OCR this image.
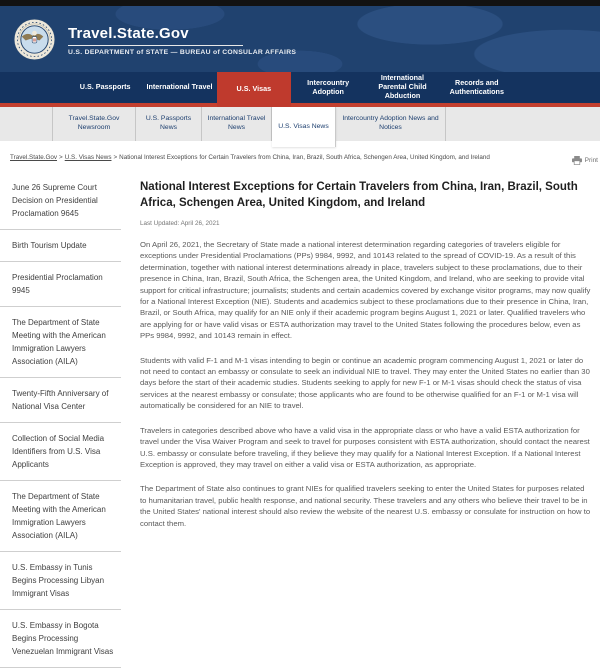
Travel.State.Gov
U.S. DEPARTMENT of STATE — BUREAU of CONSULAR AFFAIRS
U.S. Passports	International Travel	U.S. Visas
Intercountry Adoption
International Parental Child Abduction
Records and Authentications
Travel.State.Gov Newsroom
U.S. Passports News
International Travel News	U.S. Visas News
Intercountry Adoption News and Notices
Travel.State.Gov > U.S. Visas News > National Interest Exceptions for Certain Travelers from China, Iran, Brazil, South Africa, Schengen Area, United Kingdom, and Ireland	Print
June 26 Supreme Court Decision on Presidential Proclamation 9645
Birth Tourism Update
Presidential Proclamation 9945
The Department of State Meeting with the American Immigration Lawyers Association (AILA)
Twenty-Fifth Anniversary of National Visa Center
Collection of Social Media Identifiers from U.S. Visa Applicants
The Department of State Meeting with the American Immigration Lawyers Association (AILA)
U.S. Embassy in Tunis Begins Processing Libyan Immigrant Visas
U.S. Embassy in Bogota Begins Processing Venezuelan Immigrant Visas
National Interest Exceptions for Certain Travelers from China, Iran, Brazil, South Africa, Schengen Area, United Kingdom, and Ireland
Last Updated: April 26, 2021

On April 26, 2021, the Secretary of State made a national interest determination regarding categories of travelers eligible for exceptions under Presidential Proclamations (PPs) 9984, 9992, and 10143 related to the spread of COVID-19. As a result of this determination, together with national interest determinations already in place, travelers subject to these proclamations, due to their presence in China, Iran, Brazil, South Africa, the Schengen area, the United Kingdom, and Ireland, who are seeking to provide vital support for critical infrastructure; journalists; students and certain academics covered by exchange visitor programs, may now qualify for a National Interest Exception (NIE). Students and academics subject to these proclamations due to their presence in China, Iran, Brazil, or South Africa, may qualify for an NIE only if their academic program begins August 1, 2021 or later. Qualified travelers who are applying for or have valid visas or ESTA authorization may travel to the United States following the procedures below, even as PPs 9984, 9992, and 10143 remain in effect.

Students with valid F-1 and M-1 visas intending to begin or continue an academic program commencing August 1, 2021 or later do not need to contact an embassy or consulate to seek an individual NIE to travel. They may enter the United States no earlier than 30 days before the start of their academic studies. Students seeking to apply for new F-1 or M-1 visas should check the status of visa services at the nearest embassy or consulate; those applicants who are found to be otherwise qualified for an F-1 or M-1 visa will automatically be considered for an NIE to travel.

Travelers in categories described above who have a valid visa in the appropriate class or who have a valid ESTA authorization for travel under the Visa Waiver Program and seek to travel for purposes consistent with ESTA authorization, should contact the nearest U.S. embassy or consulate before traveling, if they believe they may qualify for a National Interest Exception. If a National Interest Exception is approved, they may travel on either a valid visa or ESTA authorization, as appropriate.

The Department of State also continues to grant NIEs for qualified travelers seeking to enter the United States for purposes related to humanitarian travel, public health response, and national security. These travelers and any others who believe their travel to be in the United States' national interest should also review the website of the nearest U.S. embassy or consulate for instruction on how to contact them.
